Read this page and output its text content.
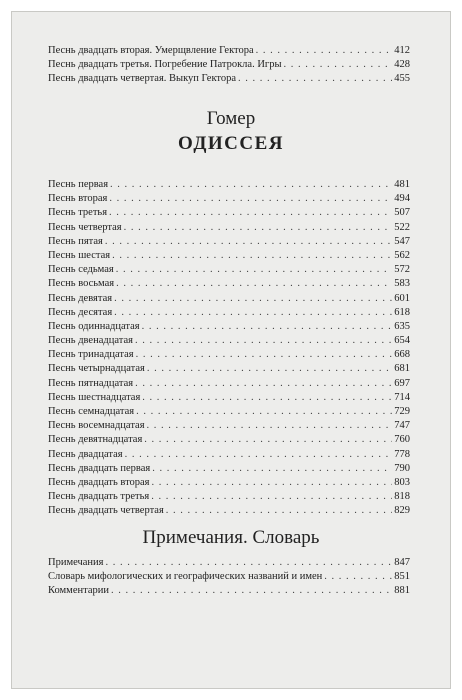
Песнь двадцать вторая. Умерщвление Гектора . . .	412
Песнь двадцать третья. Погребение Патрокла. Игры . . .	428
Песнь двадцать четвертая. Выкуп Гектора . . .	455
Гомер
ОДИССЕЯ
Песнь первая . . .	481
Песнь вторая . . .	494
Песнь третья . . .	507
Песнь четвертая . . .	522
Песнь пятая . . .	547
Песнь шестая . . .	562
Песнь седьмая . . .	572
Песнь восьмая . . .	583
Песнь девятая . . .	601
Песнь десятая . . .	618
Песнь одиннадцатая . . .	635
Песнь двенадцатая . . .	654
Песнь тринадцатая . . .	668
Песнь четырнадцатая . . .	681
Песнь пятнадцатая . . .	697
Песнь шестнадцатая . . .	714
Песнь семнадцатая . . .	729
Песнь восемнадцатая . . .	747
Песнь девятнадцатая . . .	760
Песнь двадцатая . . .	778
Песнь двадцать первая . . .	790
Песнь двадцать вторая . . .	803
Песнь двадцать третья . . .	818
Песнь двадцать четвертая . . .	829
Примечания. Словарь
Примечания . . .	847
Словарь мифологических и географических названий и имен . . .	851
Комментарии . . .	881
